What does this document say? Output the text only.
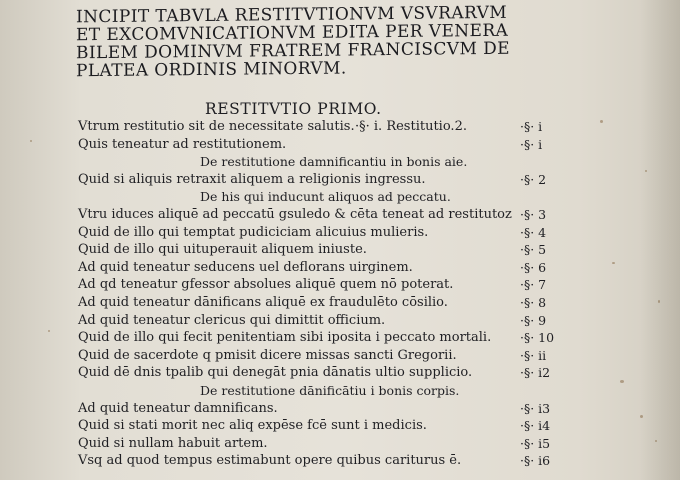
INCIPIT TABVLA RESTITVTIONVM VSVRARVM
ET EXCOMVNICATIONVM EDITA PER VENERA
BILEM DOMINVM FRATREM FRANCISCVM DE
PLATEA ORDINIS MINORVM.
RESTITVTIO PRIMO.
Vtrum restitutio sit de necessitate salutis. ·§· i. Restitutio.2.	·§· i
Quis teneatur ad restitutionem.	·§· i
De restitutione damnificantiu in bonis aie.
Quid si aliquis retraxit aliquem a religionis ingressu.	·§· 2
De his qui inducunt aliquos ad peccatu.
Vtru iduces aliquē ad peccatū gsuledo & cēta teneat ad restitutoz ·§· 3
Quid de illo qui temptat pudiciciam alicuius mulieris.	·§· 4
Quid de illo qui uituperauit aliquem iniuste.	·§· 5
Ad quid teneatur seducens uel deflorans uirginem.	·§· 6
Ad qd teneatur gfessor absolues aliquē quem nō poterat.	·§· 7
Ad quid teneatur dānificans aliquē ex fraudulēto cōsilio.	·§· 8
Ad quid teneatur clericus qui dimittit officium.	·§· 9
Quid de illo qui fecit penitentiam sibi iposita i peccato mortali. ·§· 10
Quid de sacerdote q pmisit dicere missas sancti Gregorii.	·§· ii
Quid dē dnis tpalib qui denegāt pnia dānatis ultio supplicio.	·§· i2
De restitutione dānificātiu i bonis corpis.
Ad quid teneatur damnificans.	·§· i3
Quid si stati morit nec aliq expēse fcē sunt i medicis.	·§· i4
Quid si nullam habuit artem.	·§· i5
Vsq ad quod tempus estimabunt opere quibus cariturus ē.	·§· i6
